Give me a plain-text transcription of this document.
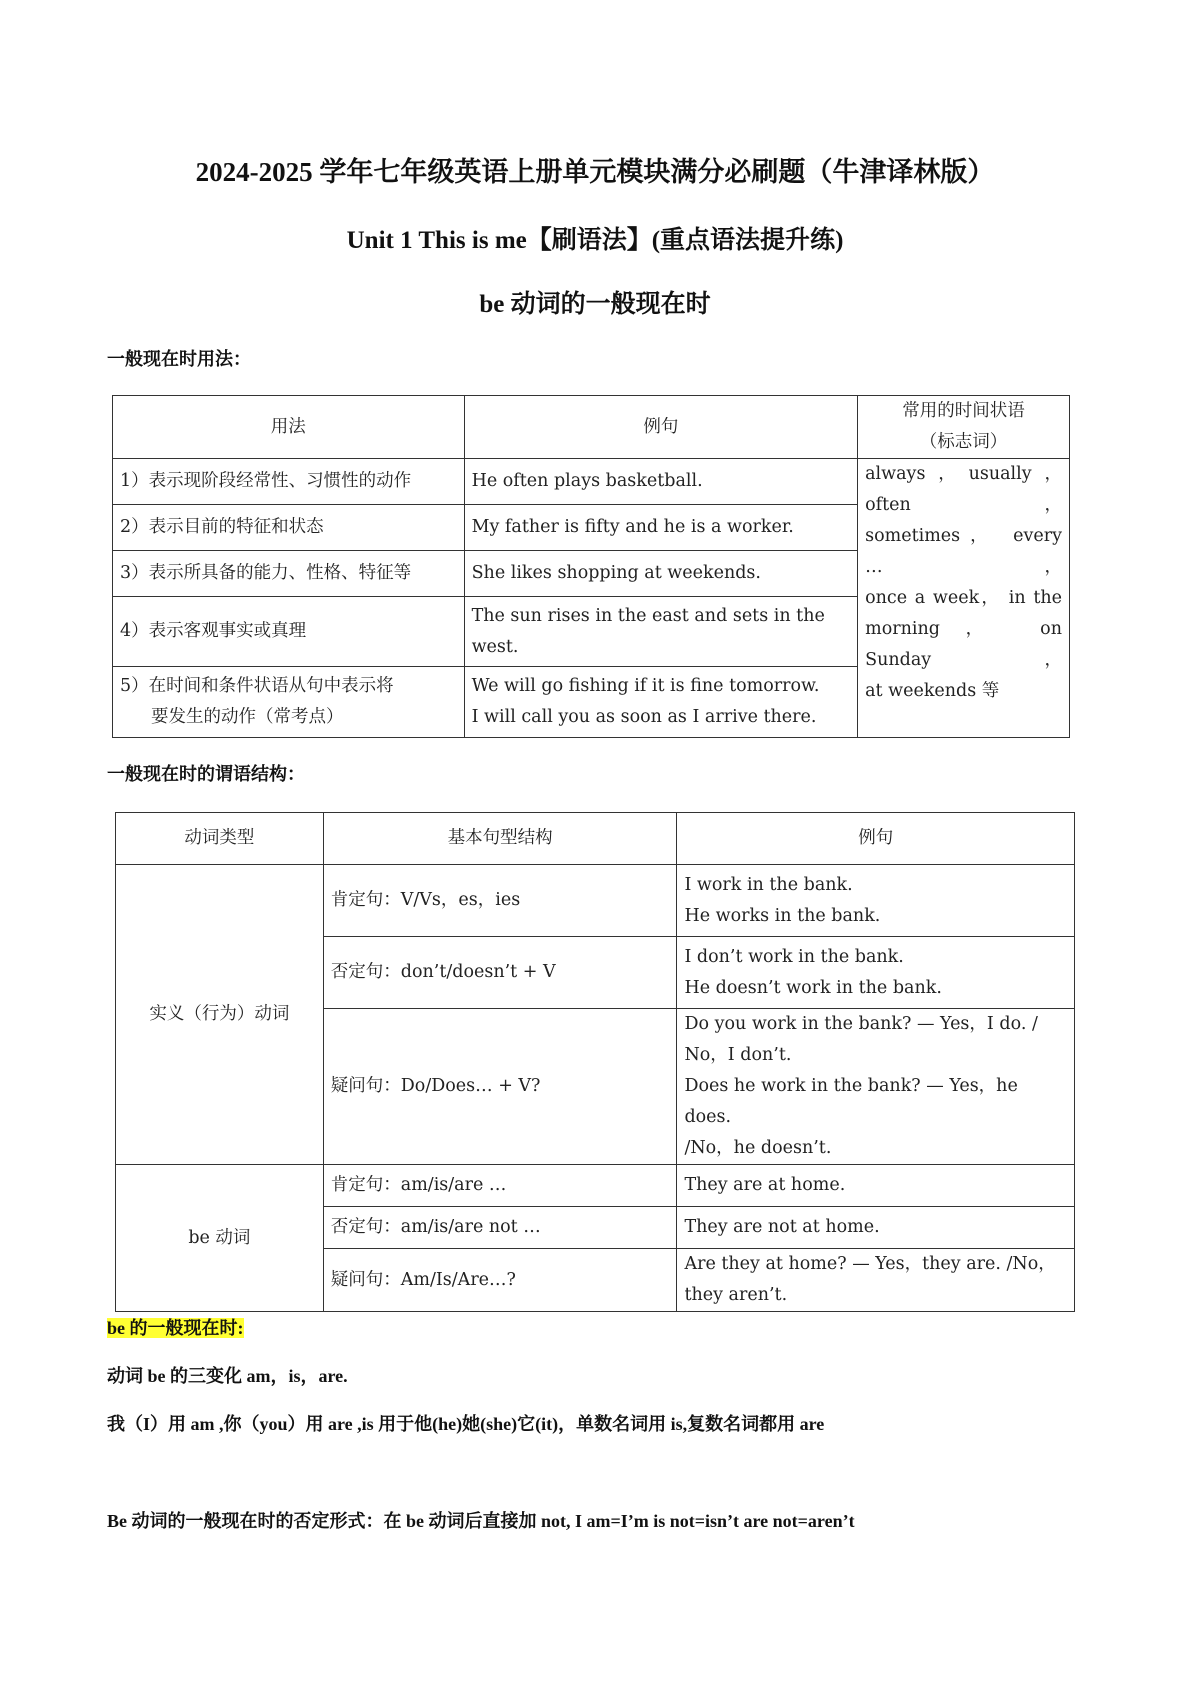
2024-2025 学年七年级英语上册单元模块满分必刷题（牛津译林版）
Unit 1 This is me【刷语法】(重点语法提升练)
be 动词的一般现在时
一般现在时用法：
用法	例句	常用的时间状语
（标志词）

1）表示现阶段经常性、习惯性的动作	He often plays basketball.	always，usually，often，
sometimes， every …，
once a week， in the
morning， on Sunday，
at weekends 等

2）表示目前的特征和状态	My father is fifty and he is a worker.	
3）表示所具备的能力、性格、特征等	She likes shopping at weekends.	
4）表示客观事实或真理	The sun rises in the east and sets in the west.	

5）在时间和条件状语从句中表示将
要发生的动作（常考点）	We will go fishing if it is fine tomorrow.
I will call you as soon as I arrive there.	
一般现在时的谓语结构：
动词类型	基本句型结构	例句
实义（行为）动词	肯定句：V/Vs，es，ies	I work in the bank.
He works in the bank.

	否定句：don’t/doesn’t + V	I don’t work in the bank.
He doesn’t work in the bank.

	疑问句：Do/Does… + V?	Do you work in the bank? — Yes，I do. /
No，I don’t.
Does he work in the bank? — Yes，he does.
/No，he doesn’t.

be 动词	肯定句：am/is/are …	They are at home.
	否定句：am/is/are not …	They are not at home.
	疑问句：Am/Is/Are…?	Are they at home? — Yes，they are. /No，
they aren’t.
be 的一般现在时:
动词 be 的三变化 am，is，are.
我（I）用 am ,你（you）用 are ,is 用于他(he)她(she)它(it)，单数名词用 is,复数名词都用 are
Be 动词的一般现在时的否定形式：在 be 动词后直接加 not, I am=I’m is not=isn’t are not=aren’t
